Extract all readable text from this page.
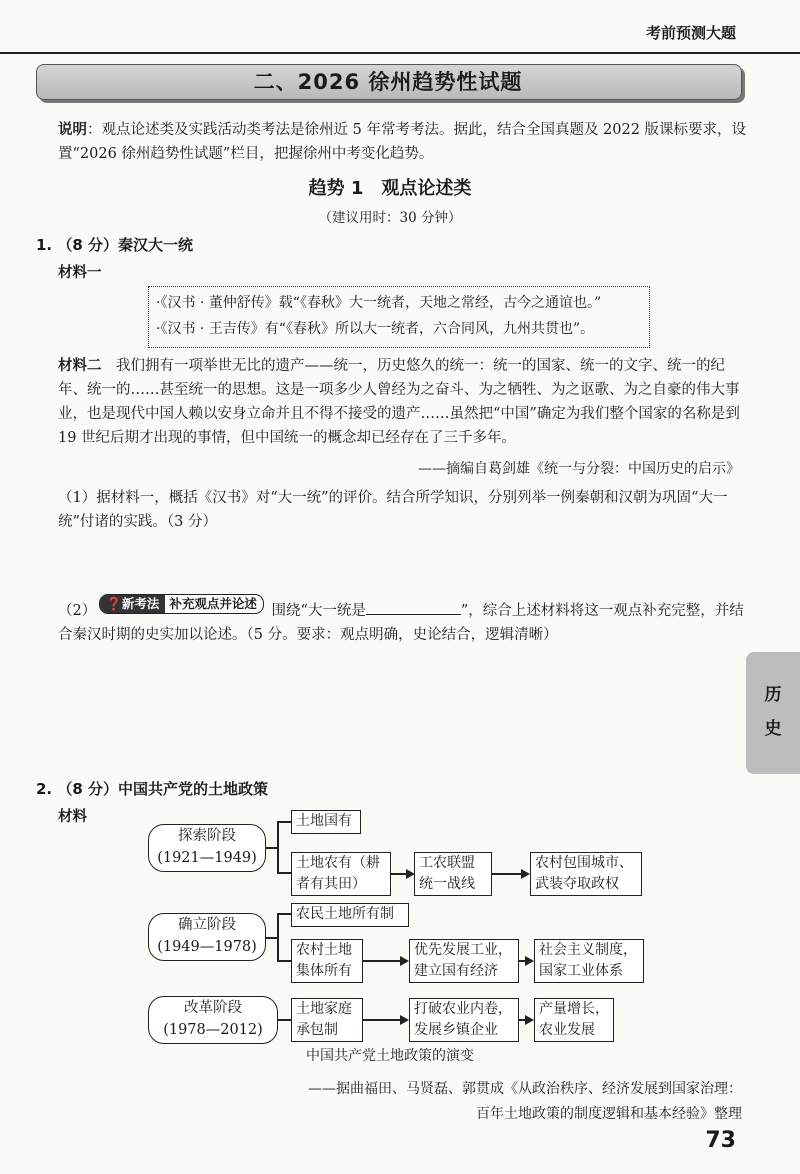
考前预测大题
二、2026 徐州趋势性试题
说明：观点论述类及实践活动类考法是徐州近 5 年常考考法。据此，结合全国真题及 2022 版课标要求，设置“2026 徐州趋势性试题”栏目，把握徐州中考变化趋势。
趋势 1　观点论述类
（建议用时：30 分钟）
1. （8 分）秦汉大一统
材料一
·《汉书 · 董仲舒传》载“《春秋》大一统者，天地之常经，古今之通谊也。”
·《汉书 · 王吉传》有“《春秋》所以大一统者，六合同风，九州共贯也”。
材料二　我们拥有一项举世无比的遗产——统一，历史悠久的统一：统一的国家、统一的文字、统一的纪年、统一的……甚至统一的思想。这是一项多少人曾经为之奋斗、为之牺牲、为之讴歌、为之自豪的伟大事业，也是现代中国人赖以安身立命并且不得不接受的遗产……虽然把“中国”确定为我们整个国家的名称是到 19 世纪后期才出现的事情，但中国统一的概念却已经存在了三千多年。
——摘编自葛剑雄《统一与分裂：中国历史的启示》
（1）据材料一，概括《汉书》对“大一统”的评价。结合所学知识，分别列举一例秦朝和汉朝为巩固“大一统”付诸的实践。（3 分）
（2） ❓新考法 补充观点并论述 围绕“大一统是	”，综合上述材料将这一观点补充完整，并结合秦汉时期的史实加以论述。（5 分。要求：观点明确，史论结合，逻辑清晰）
历
史
2. （8 分）中国共产党的土地政策
材料
探索阶段
(1921—1949)
确立阶段
(1949—1978)
改革阶段
(1978—2012)
土地国有
土地农有（耕
者有其田）
工农联盟
统一战线
农村包围城市、
武装夺取政权
农民土地所有制
农村土地
集体所有
优先发展工业，
建立国有经济
社会主义制度，
国家工业体系
土地家庭
承包制
打破农业内卷，
发展乡镇企业
产量增长，
农业发展
中国共产党土地政策的演变
——据曲福田、马贤磊、郭贯成《从政治秩序、经济发展到国家治理：
百年土地政策的制度逻辑和基本经验》整理
73
